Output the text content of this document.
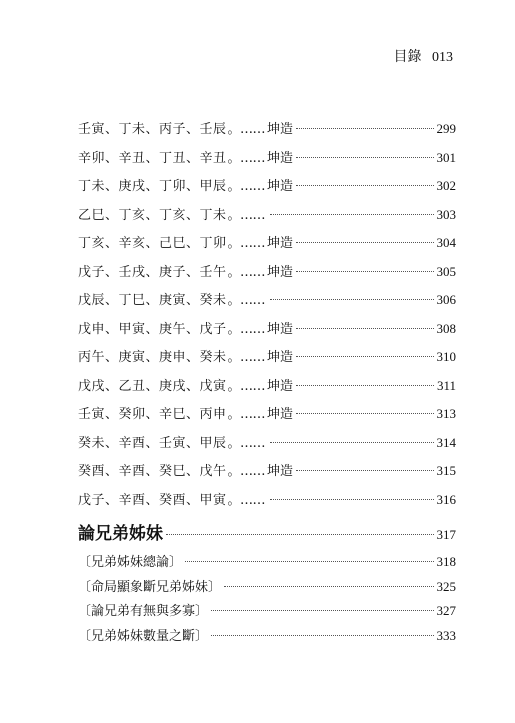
目錄 013
壬寅、丁未、丙子、壬辰 。…… 坤造	299
辛卯、辛丑、丁丑、辛丑 。…… 坤造	301
丁未、庚戌、丁卯、甲辰 。…… 坤造	302
乙巳、丁亥、丁亥、丁未 。……	303
丁亥、辛亥、己巳、丁卯 。…… 坤造	304
戊子、壬戌、庚子、壬午 。…… 坤造	305
戊辰、丁巳、庚寅、癸未 。……	306
戊申、甲寅、庚午、戊子 。…… 坤造	308
丙午、庚寅、庚申、癸未 。…… 坤造	310
戊戌、乙丑、庚戌、戊寅 。…… 坤造	311
壬寅、癸卯、辛巳、丙申 。…… 坤造	313
癸未、辛酉、壬寅、甲辰 。……	314
癸酉、辛酉、癸巳、戊午 。…… 坤造	315
戊子、辛酉、癸酉、甲寅 。……	316
論兄弟姊妹	317
〔兄弟姊妹總論〕	318
〔命局顯象斷兄弟姊妹〕	325
〔論兄弟有無與多寡〕	327
〔兄弟姊妹數量之斷〕	333
